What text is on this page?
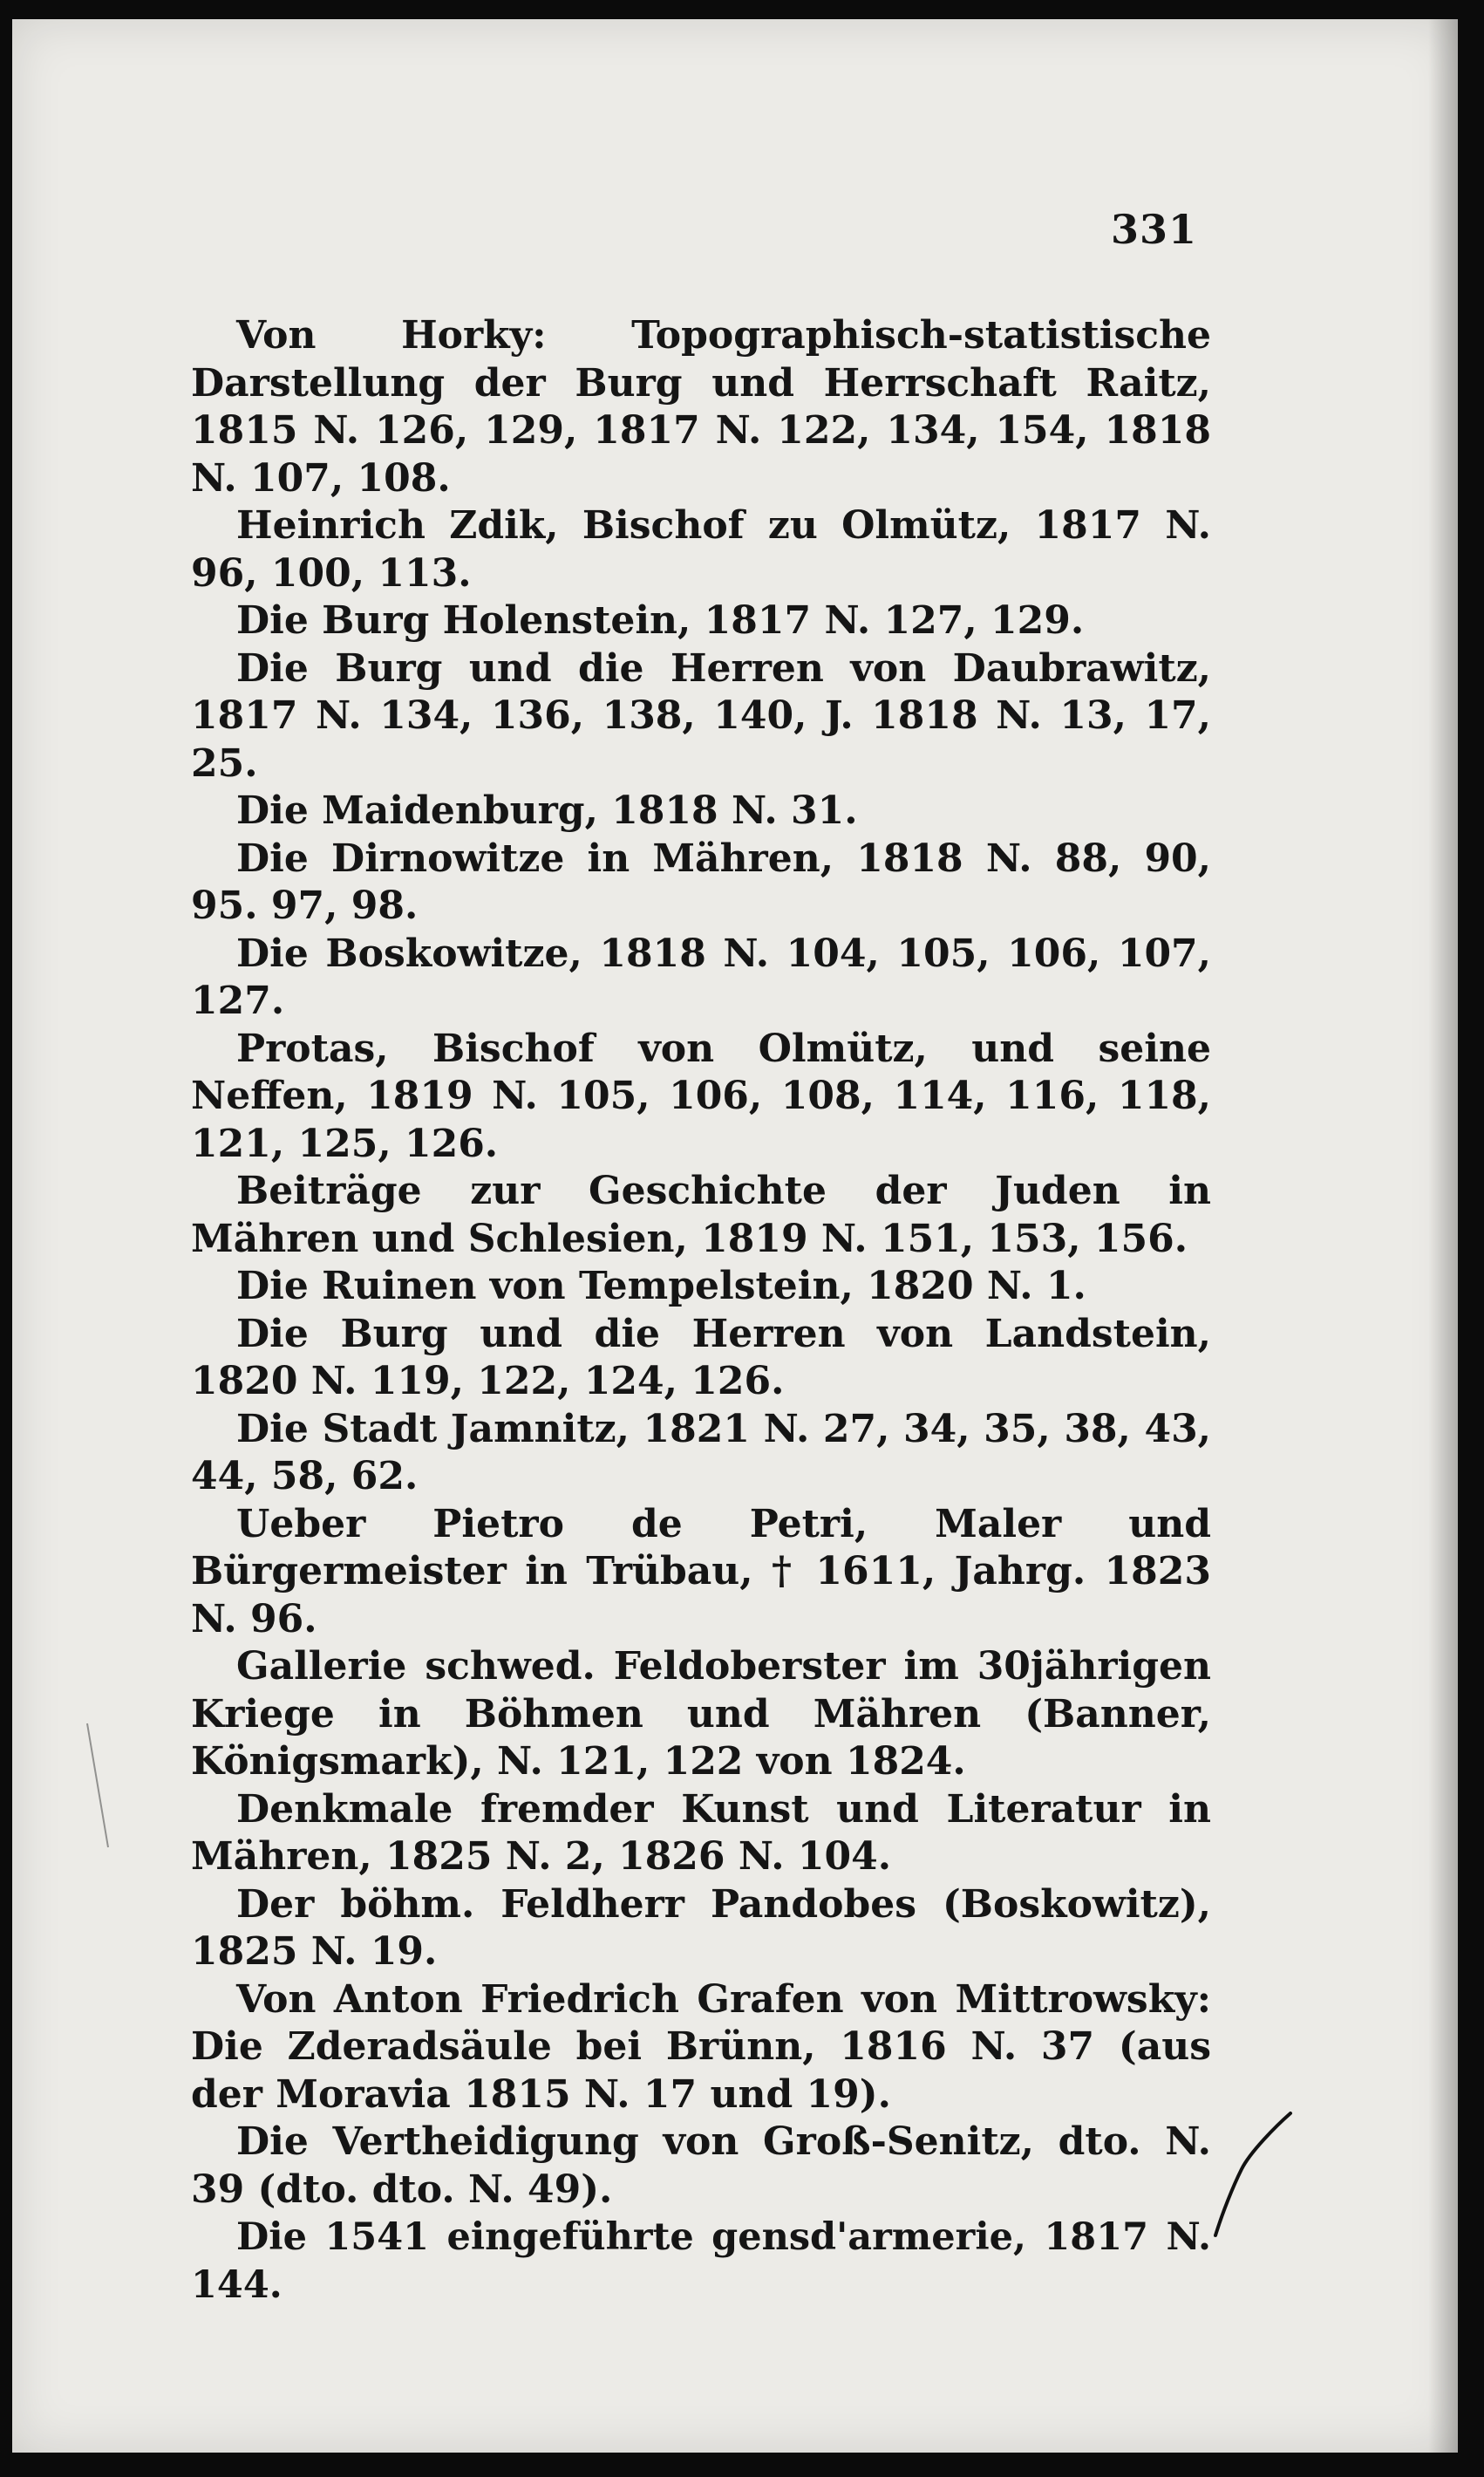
331

Von Horky: Topographisch-statistische Darstellung der Burg und Herrschaft Raitz, 1815 N. 126, 129, 1817 N. 122, 134, 154, 1818 N. 107, 108.

Heinrich Zdik, Bischof zu Olmütz, 1817 N. 96, 100, 113.

Die Burg Holenstein, 1817 N. 127, 129.

Die Burg und die Herren von Daubrawitz, 1817 N. 134, 136, 138, 140, J. 1818 N. 13, 17, 25.

Die Maidenburg, 1818 N. 31.

Die Dirnowitze in Mähren, 1818 N. 88, 90, 95. 97, 98.

Die Boskowitze, 1818 N. 104, 105, 106, 107, 127.

Protas, Bischof von Olmütz, und seine Neffen, 1819 N. 105, 106, 108, 114, 116, 118, 121, 125, 126.

Beiträge zur Geschichte der Juden in Mähren und Schlesien, 1819 N. 151, 153, 156.

Die Ruinen von Tempelstein, 1820 N. 1.

Die Burg und die Herren von Landstein, 1820 N. 119, 122, 124, 126.

Die Stadt Jamnitz, 1821 N. 27, 34, 35, 38, 43, 44, 58, 62.

Ueber Pietro de Petri, Maler und Bürgermeister in Trübau, † 1611, Jahrg. 1823 N. 96.

Gallerie schwed. Feldoberster im 30jährigen Kriege in Böhmen und Mähren (Banner, Königsmark), N. 121, 122 von 1824.

Denkmale fremder Kunst und Literatur in Mähren, 1825 N. 2, 1826 N. 104.

Der böhm. Feldherr Pandobes (Boskowitz), 1825 N. 19.

Von Anton Friedrich Grafen von Mittrowsky: Die Zderadsäule bei Brünn, 1816 N. 37 (aus der Moravia 1815 N. 17 und 19).

Die Vertheidigung von Groß-Senitz, dto. N. 39 (dto. dto. N. 49).

Die 1541 eingeführte gensd'armerie, 1817 N. 144.
